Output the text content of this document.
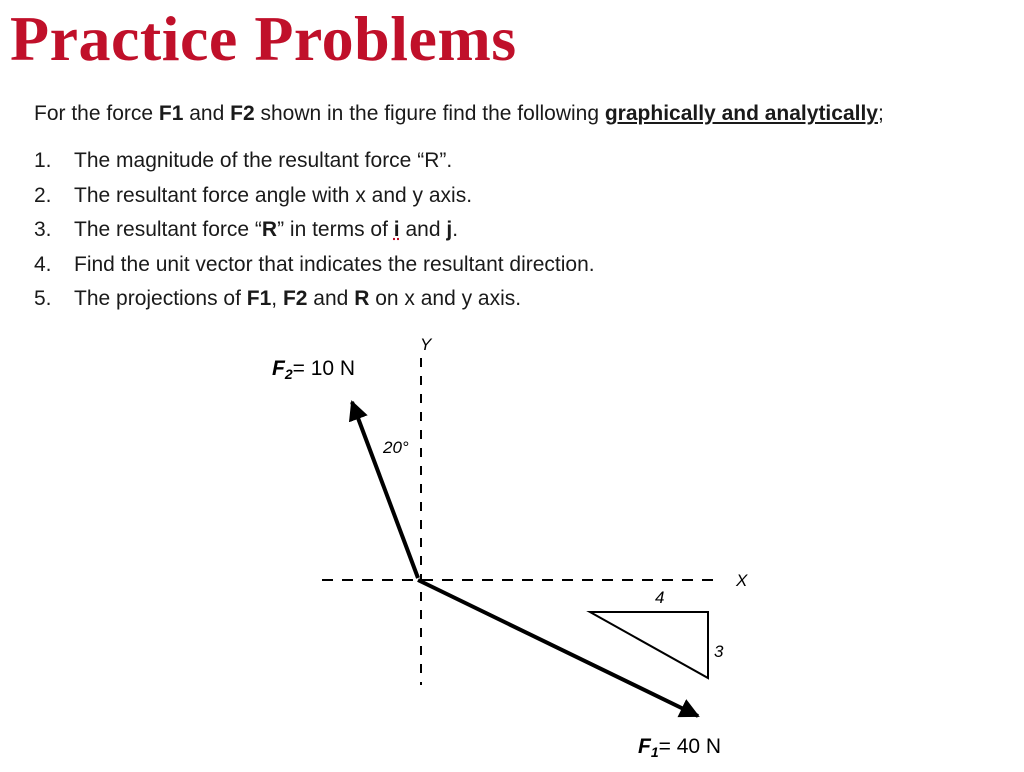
Practice Problems
For the force F1 and F2 shown in the figure find the following graphically and analytically;
1. The magnitude of the resultant force “R”.
2. The resultant force angle with x and y axis.
3. The resultant force “R” in terms of i and j.
4. Find the unit vector that indicates the resultant direction.
5. The projections of F1, F2 and R on x and y axis.
Y
X
F2= 10 N
F1= 40 N
20°
4
3
